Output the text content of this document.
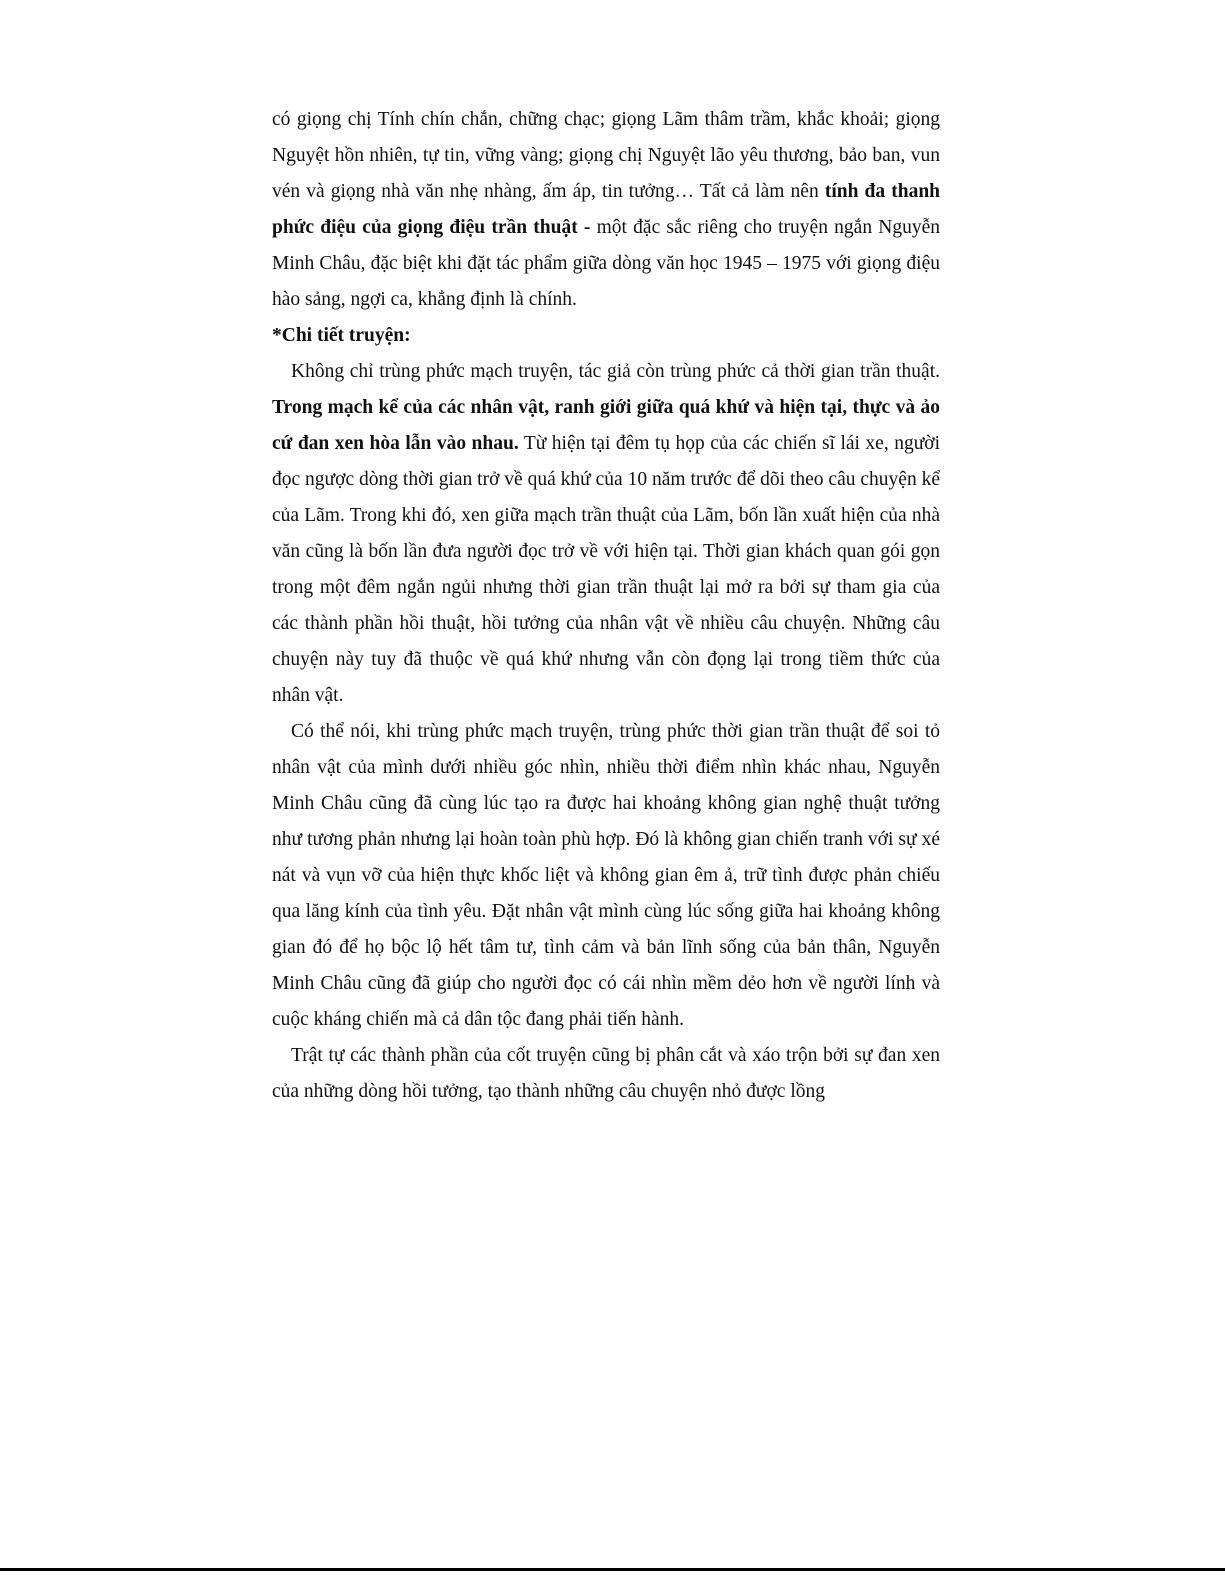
có giọng chị Tính chín chắn, chững chạc; giọng Lãm thâm trầm, khắc khoải; giọng Nguyệt hồn nhiên, tự tin, vững vàng; giọng chị Nguyệt lão yêu thương, bảo ban, vun vén và giọng nhà văn nhẹ nhàng, ấm áp, tin tưởng… Tất cả làm nên tính đa thanh phức điệu của giọng điệu trần thuật - một đặc sắc riêng cho truyện ngắn Nguyễn Minh Châu, đặc biệt khi đặt tác phẩm giữa dòng văn học 1945 – 1975 với giọng điệu hào sảng, ngợi ca, khẳng định là chính.

*Chi tiết truyện:

Không chỉ trùng phức mạch truyện, tác giả còn trùng phức cả thời gian trần thuật. Trong mạch kể của các nhân vật, ranh giới giữa quá khứ và hiện tại, thực và ảo cứ đan xen hòa lẫn vào nhau. Từ hiện tại đêm tụ họp của các chiến sĩ lái xe, người đọc ngược dòng thời gian trở về quá khứ của 10 năm trước để dõi theo câu chuyện kể của Lãm. Trong khi đó, xen giữa mạch trần thuật của Lãm, bốn lần xuất hiện của nhà văn cũng là bốn lần đưa người đọc trở về với hiện tại. Thời gian khách quan gói gọn trong một đêm ngắn ngủi nhưng thời gian trần thuật lại mở ra bởi sự tham gia của các thành phần hồi thuật, hồi tưởng của nhân vật về nhiều câu chuyện. Những câu chuyện này tuy đã thuộc về quá khứ nhưng vẫn còn đọng lại trong tiềm thức của nhân vật.

Có thể nói, khi trùng phức mạch truyện, trùng phức thời gian trần thuật để soi tỏ nhân vật của mình dưới nhiều góc nhìn, nhiều thời điểm nhìn khác nhau, Nguyễn Minh Châu cũng đã cùng lúc tạo ra được hai khoảng không gian nghệ thuật tưởng như tương phản nhưng lại hoàn toàn phù hợp. Đó là không gian chiến tranh với sự xé nát và vụn vỡ của hiện thực khốc liệt và không gian êm ả, trữ tình được phản chiếu qua lăng kính của tình yêu. Đặt nhân vật mình cùng lúc sống giữa hai khoảng không gian đó để họ bộc lộ hết tâm tư, tình cảm và bản lĩnh sống của bản thân, Nguyễn Minh Châu cũng đã giúp cho người đọc có cái nhìn mềm dẻo hơn về người lính và cuộc kháng chiến mà cả dân tộc đang phải tiến hành.

Trật tự các thành phần của cốt truyện cũng bị phân cắt và xáo trộn bởi sự đan xen của những dòng hồi tưởng, tạo thành những câu chuyện nhỏ được lồng
